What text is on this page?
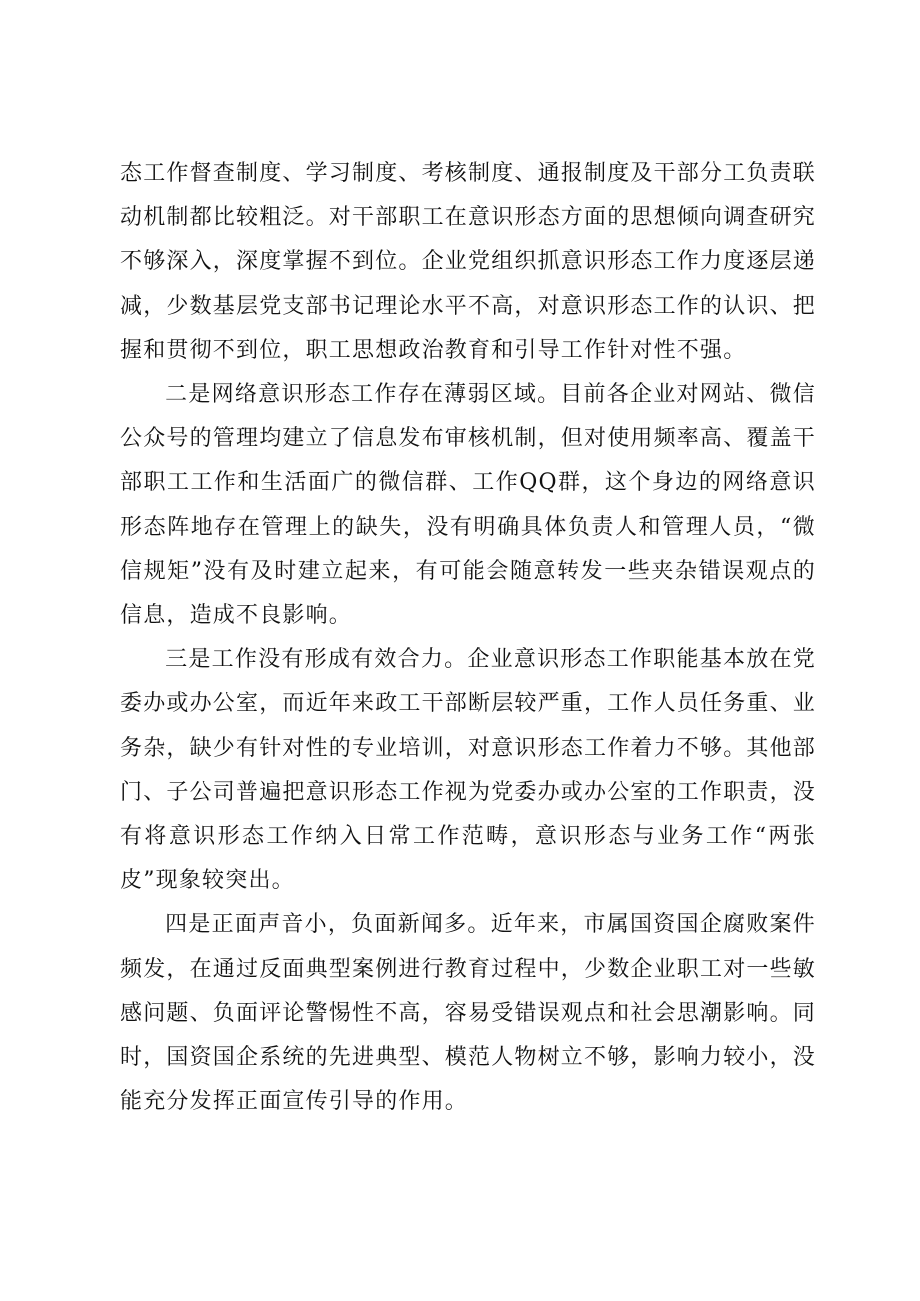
态工作督查制度、学习制度、考核制度、通报制度及干部分工负责联动机制都比较粗泛。对干部职工在意识形态方面的思想倾向调查研究不够深入，深度掌握不到位。企业党组织抓意识形态工作力度逐层递减，少数基层党支部书记理论水平不高，对意识形态工作的认识、把握和贯彻不到位，职工思想政治教育和引导工作针对性不强。

二是网络意识形态工作存在薄弱区域。目前各企业对网站、微信公众号的管理均建立了信息发布审核机制，但对使用频率高、覆盖干部职工工作和生活面广的微信群、工作QQ群，这个身边的网络意识形态阵地存在管理上的缺失，没有明确具体负责人和管理人员，“微信规矩”没有及时建立起来，有可能会随意转发一些夹杂错误观点的信息，造成不良影响。

三是工作没有形成有效合力。企业意识形态工作职能基本放在党委办或办公室，而近年来政工干部断层较严重，工作人员任务重、业务杂，缺少有针对性的专业培训，对意识形态工作着力不够。其他部门、子公司普遍把意识形态工作视为党委办或办公室的工作职责，没有将意识形态工作纳入日常工作范畴，意识形态与业务工作“两张皮”现象较突出。

四是正面声音小，负面新闻多。近年来，市属国资国企腐败案件频发，在通过反面典型案例进行教育过程中，少数企业职工对一些敏感问题、负面评论警惕性不高，容易受错误观点和社会思潮影响。同时，国资国企系统的先进典型、模范人物树立不够，影响力较小，没能充分发挥正面宣传引导的作用。
